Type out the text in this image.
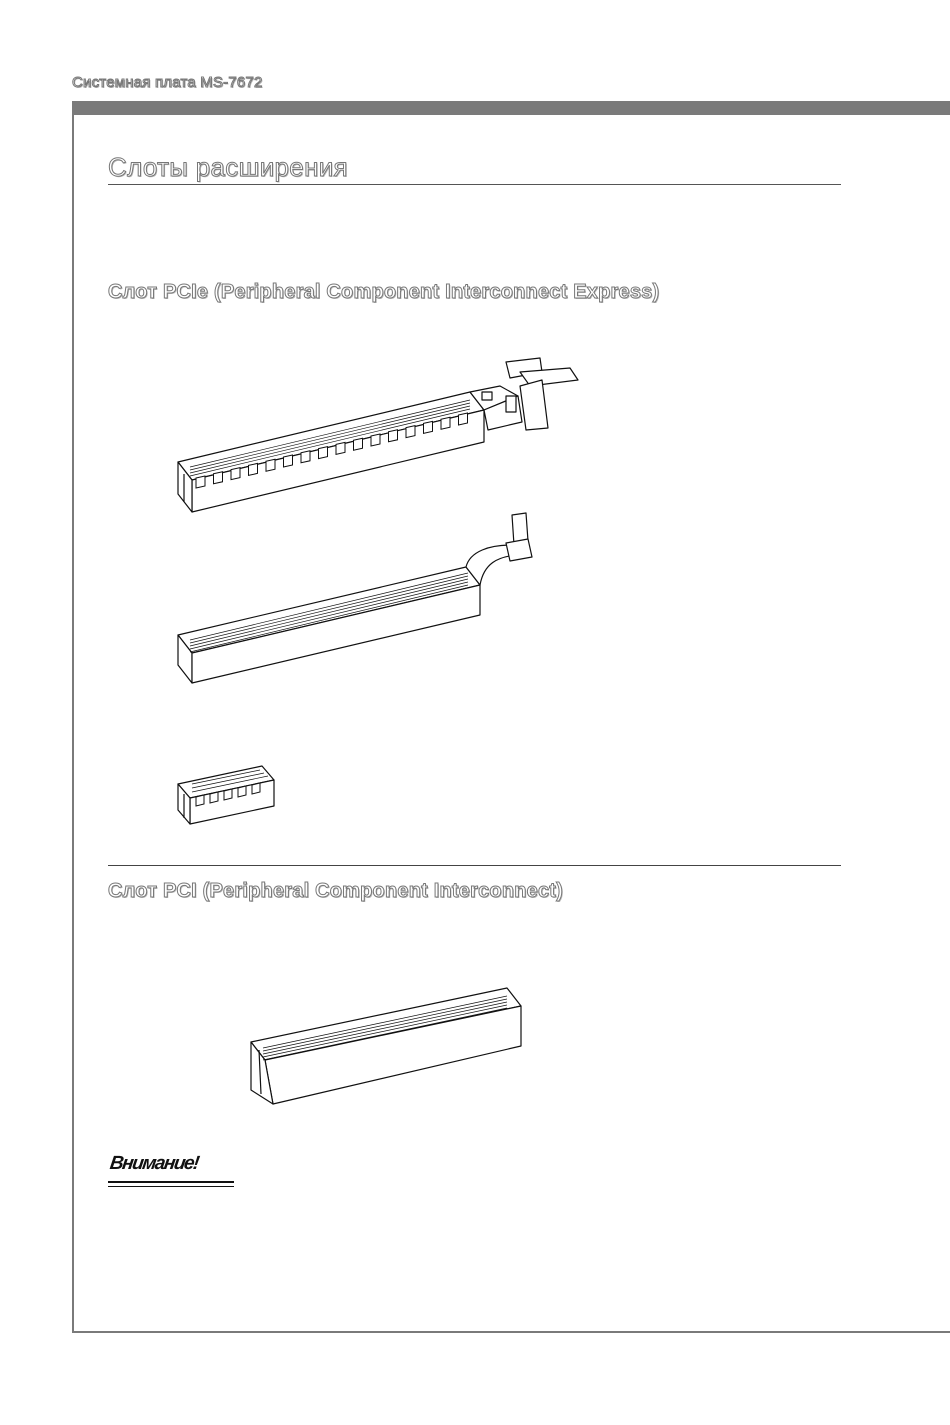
Системная плата MS-7672
Слоты расширения
Слот PCIe (Peripheral Component Interconnect Express)
Слот PCI (Peripheral Component Interconnect)
Внимание!
